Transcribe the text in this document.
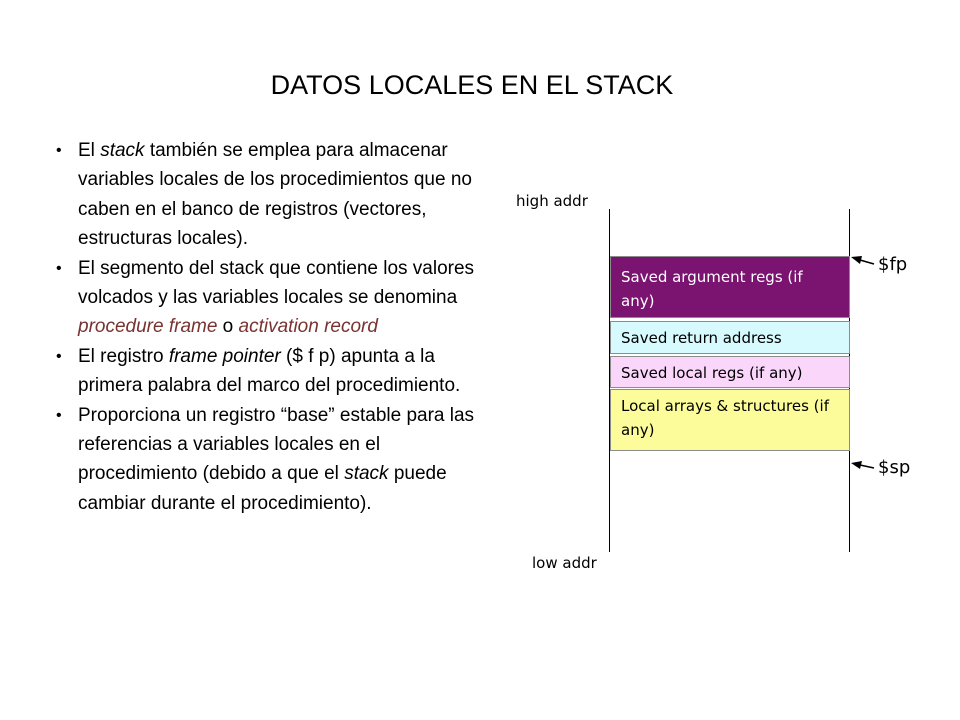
DATOS LOCALES EN EL STACK
• El stack también se emplea para almacenar variables locales de los procedimientos que no caben en el banco de registros (vectores, estructuras locales).
• El segmento del stack que contiene los valores volcados y las variables locales se denomina procedure frame o activation record
• El registro frame pointer ($ f p) apunta a la primera palabra del marco del procedimiento.
• Proporciona un registro “base” estable para las referencias a variables locales en el procedimiento (debido a que el stack puede cambiar durante el procedimiento).
high addr
low addr
Saved argument regs (if any)
Saved return address
Saved local regs (if any)
Local arrays & structures (if any)
$fp
$sp
